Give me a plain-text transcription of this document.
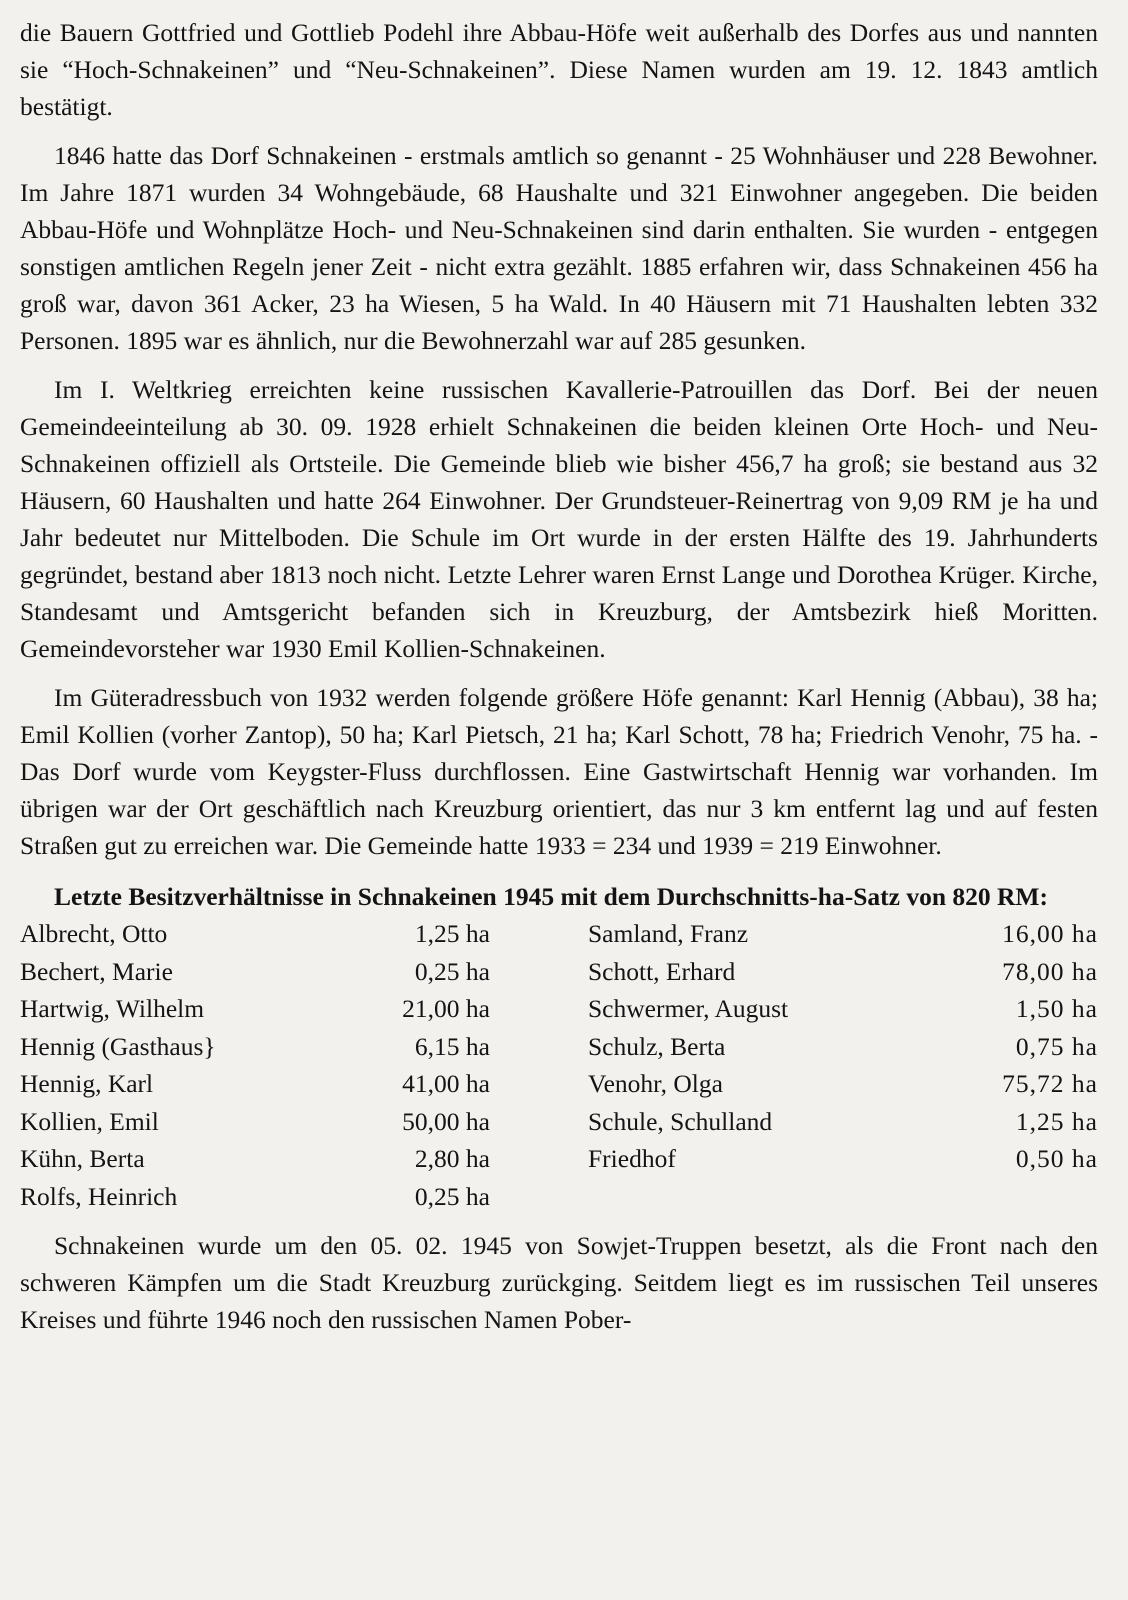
die Bauern Gottfried und Gottlieb Podehl ihre Abbau-Höfe weit außerhalb des Dorfes aus und nannten sie “Hoch-Schnakeinen” und “Neu-Schnakeinen”. Diese Namen wurden am 19. 12. 1843 amtlich bestätigt.

1846 hatte das Dorf Schnakeinen - erstmals amtlich so genannt - 25 Wohnhäuser und 228 Bewohner. Im Jahre 1871 wurden 34 Wohngebäude, 68 Haushalte und 321 Einwohner angegeben. Die beiden Abbau-Höfe und Wohnplätze Hoch- und Neu-Schnakeinen sind darin enthalten. Sie wurden - entgegen sonstigen amtlichen Regeln jener Zeit - nicht extra gezählt. 1885 erfahren wir, dass Schnakeinen 456 ha groß war, davon 361 Acker, 23 ha Wiesen, 5 ha Wald. In 40 Häusern mit 71 Haushalten lebten 332 Personen. 1895 war es ähnlich, nur die Bewohnerzahl war auf 285 gesunken.

Im I. Weltkrieg erreichten keine russischen Kavallerie-Patrouillen das Dorf. Bei der neuen Gemeindeeinteilung ab 30. 09. 1928 erhielt Schnakeinen die beiden kleinen Orte Hoch- und Neu-Schnakeinen offiziell als Ortsteile. Die Gemeinde blieb wie bisher 456,7 ha groß; sie bestand aus 32 Häusern, 60 Haushalten und hatte 264 Einwohner. Der Grundsteuer-Reinertrag von 9,09 RM je ha und Jahr bedeutet nur Mittelboden. Die Schule im Ort wurde in der ersten Hälfte des 19. Jahrhunderts gegründet, bestand aber 1813 noch nicht. Letzte Lehrer waren Ernst Lange und Dorothea Krüger. Kirche, Standesamt und Amtsgericht befanden sich in Kreuzburg, der Amtsbezirk hieß Moritten. Gemeindevorsteher war 1930 Emil Kollien-Schnakeinen.

Im Güteradressbuch von 1932 werden folgende größere Höfe genannt: Karl Hennig (Abbau), 38 ha; Emil Kollien (vorher Zantop), 50 ha; Karl Pietsch, 21 ha; Karl Schott, 78 ha; Friedrich Venohr, 75 ha. - Das Dorf wurde vom Keygster-Fluss durchflossen. Eine Gastwirtschaft Hennig war vorhanden. Im übrigen war der Ort geschäftlich nach Kreuzburg orientiert, das nur 3 km entfernt lag und auf festen Straßen gut zu erreichen war. Die Gemeinde hatte 1933 = 234 und 1939 = 219 Einwohner.

Letzte Besitzverhältnisse in Schnakeinen 1945 mit dem Durchschnitts-ha-Satz von 820 RM:

Albrecht, Otto	1,25 ha
Bechert, Marie	0,25 ha
Hartwig, Wilhelm	21,00 ha
Hennig (Gasthaus}	6,15 ha
Hennig, Karl	41,00 ha
Kollien, Emil	50,00 ha
Kühn, Berta	2,80 ha
Rolfs, Heinrich	0,25 ha
Samland, Franz	16,00 ha
Schott, Erhard	78,00 ha
Schwermer, August	1,50 ha
Schulz, Berta	0,75 ha
Venohr, Olga	75,72 ha
Schule, Schulland	1,25 ha
Friedhof	0,50 ha

Schnakeinen wurde um den 05. 02. 1945 von Sowjet-Truppen besetzt, als die Front nach den schweren Kämpfen um die Stadt Kreuzburg zurückging. Seitdem liegt es im russischen Teil unseres Kreises und führte 1946 noch den russischen Namen Pober-
